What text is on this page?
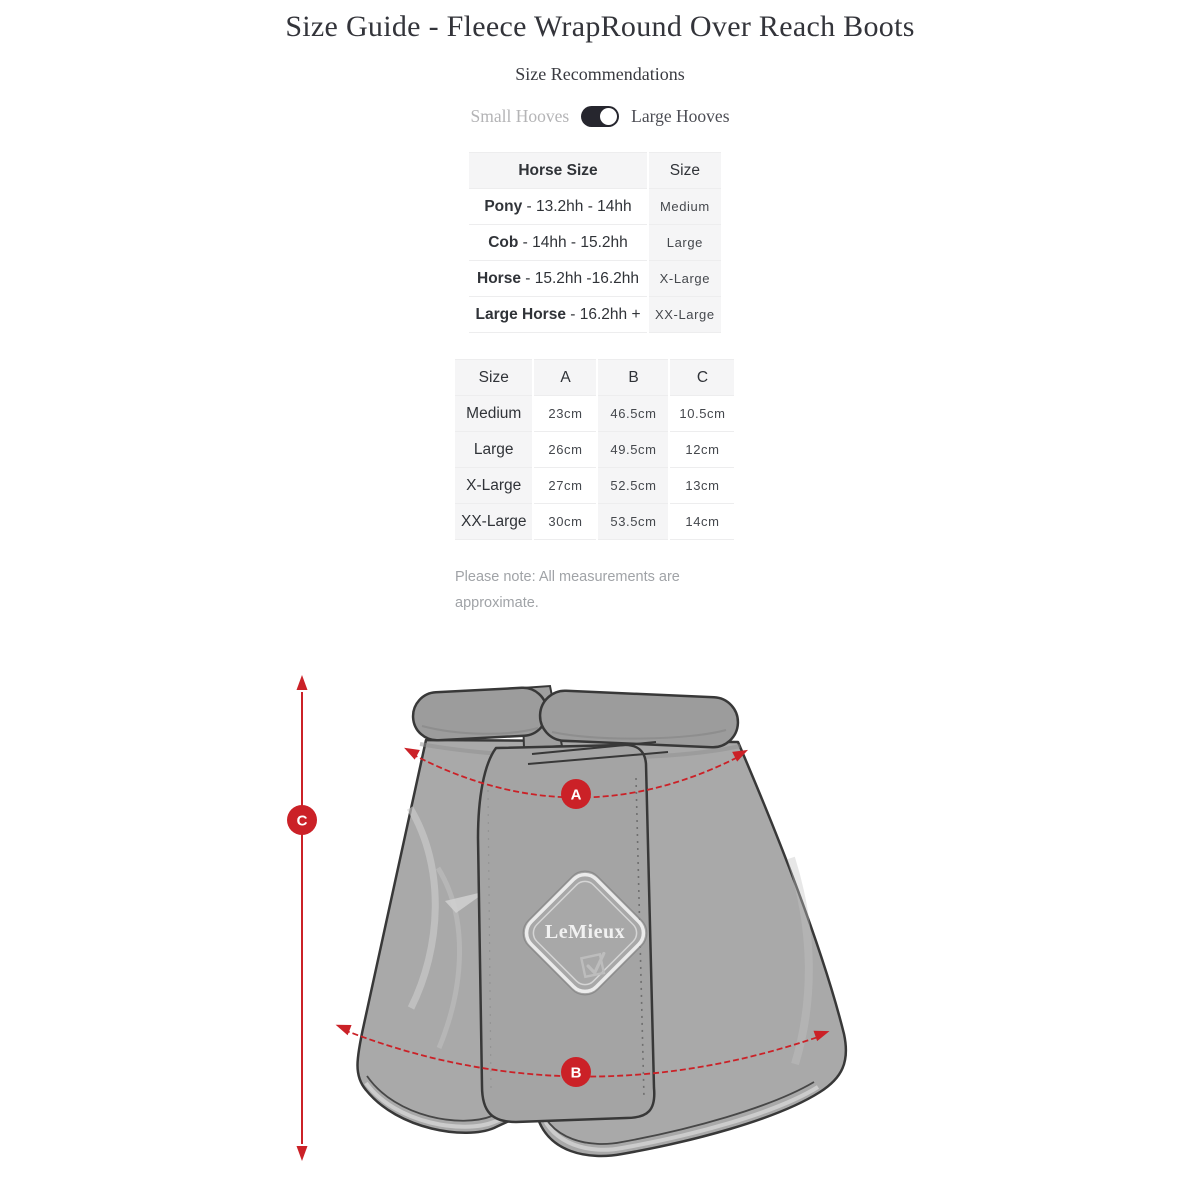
Size Guide - Fleece WrapRound Over Reach Boots
Size Recommendations
Small Hooves	Large Hooves
Horse Size	Size
Pony - 13.2hh - 14hh	Medium
Cob - 14hh - 15.2hh	Large
Horse - 15.2hh -16.2hh	X-Large
Large Horse - 16.2hh +	XX-Large
Size	A	B	C
Medium	23cm	46.5cm	10.5cm
Large	26cm	49.5cm	12cm
X-Large	27cm	52.5cm	13cm
XX-Large	30cm	53.5cm	14cm

Please note: All measurements are approximate.

LeMieux
C
A
B
